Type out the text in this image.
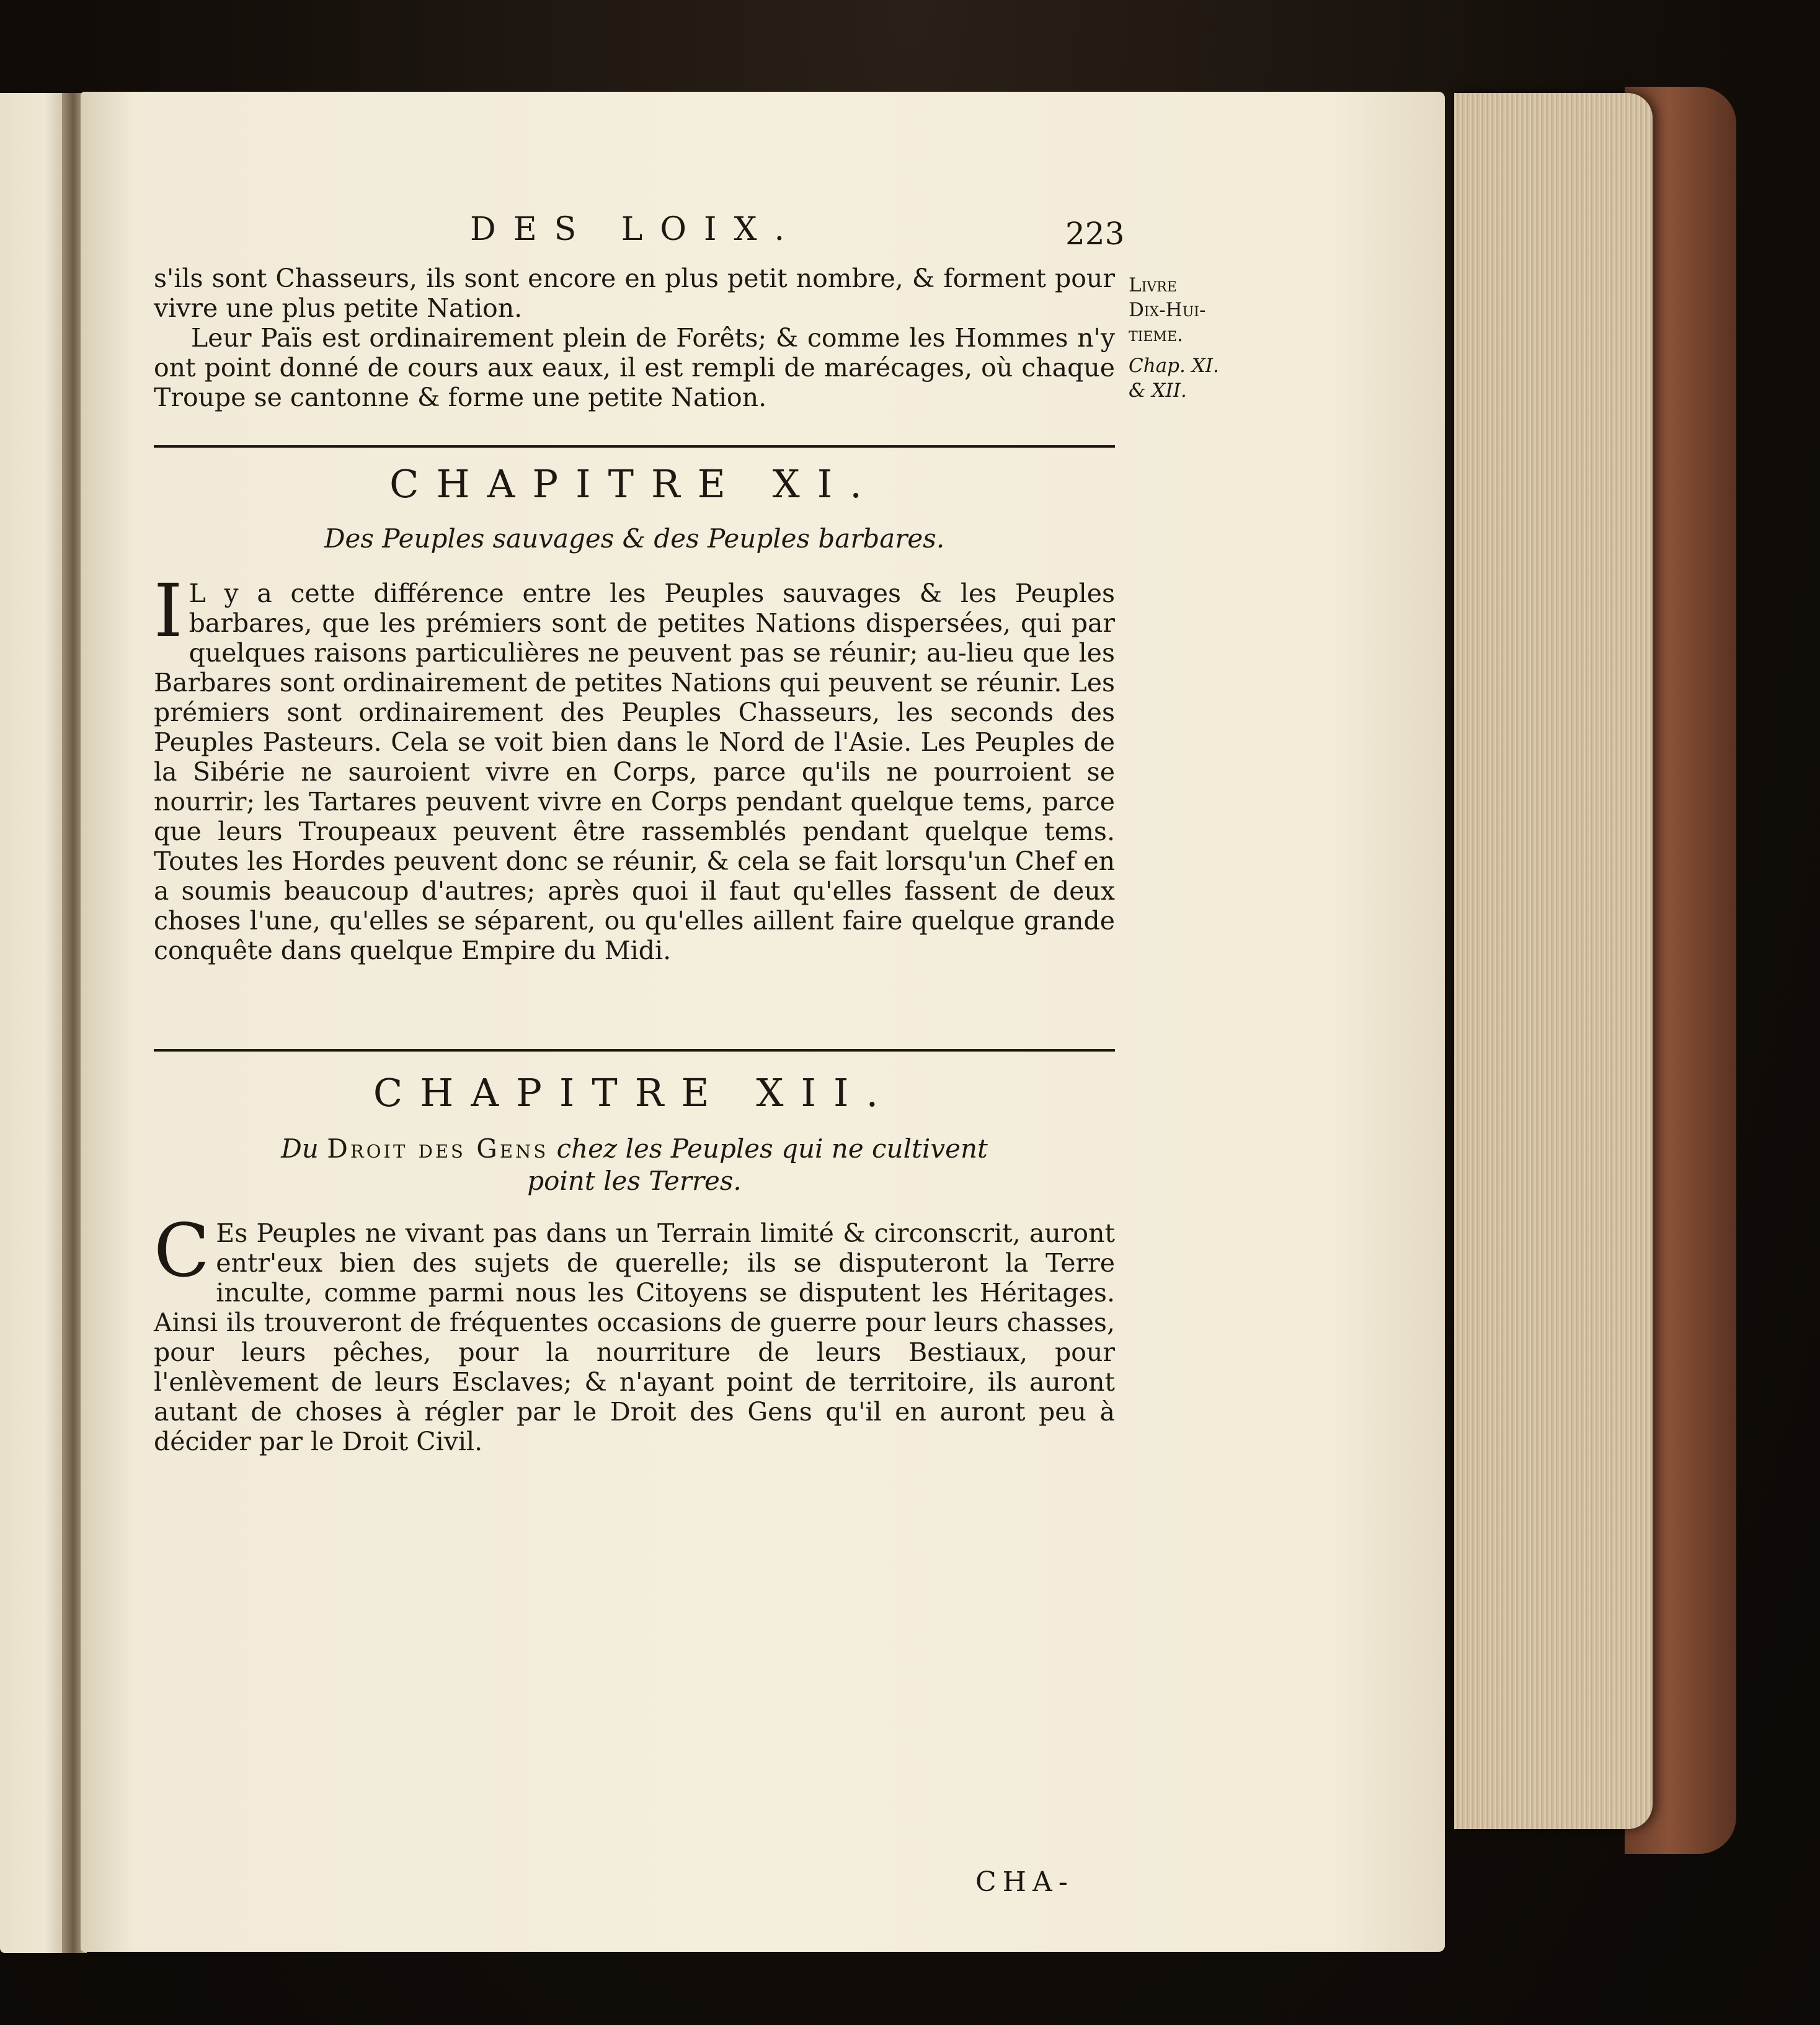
DES LOIX.	223

s'ils sont Chasseurs, ils sont encore en plus petit nombre, & forment pour vivre une plus petite Nation.

Leur Païs est ordinairement plein de Forêts; & comme les Hommes n'y ont point donné de cours aux eaux, il est rempli de marécages, où chaque Troupe se cantonne & forme une petite Nation.

CHAPITRE XI.

Des Peuples sauvages & des Peuples barbares.

I L y a cette différence entre les Peuples sauvages & les Peuples barbares, que les prémiers sont de petites Nations dispersées, qui par quelques raisons particulières ne peuvent pas se réunir; au-lieu que les Barbares sont ordinairement de petites Nations qui peuvent se réunir. Les prémiers sont ordinairement des Peuples Chasseurs, les seconds des Peuples Pasteurs. Cela se voit bien dans le Nord de l'Asie. Les Peuples de la Sibérie ne sauroient vivre en Corps, parce qu'ils ne pourroient se nourrir; les Tartares peuvent vivre en Corps pendant quelque tems, parce que leurs Troupeaux peuvent être rassemblés pendant quelque tems. Toutes les Hordes peuvent donc se réunir, & cela se fait lorsqu'un Chef en a soumis beaucoup d'autres; après quoi il faut qu'elles fassent de deux choses l'une, qu'elles se séparent, ou qu'elles aillent faire quelque grande conquête dans quelque Empire du Midi.

CHAPITRE XII.

Du Droit des Gens chez les Peuples qui ne cultivent
point les Terres.

C Es Peuples ne vivant pas dans un Terrain limité & circonscrit, auront entr'eux bien des sujets de querelle; ils se disputeront la Terre inculte, comme parmi nous les Citoyens se disputent les Héritages. Ainsi ils trouveront de fréquentes occasions de guerre pour leurs chasses, pour leurs pêches, pour la nourriture de leurs Bestiaux, pour l'enlèvement de leurs Esclaves; & n'ayant point de territoire, ils auront autant de choses à régler par le Droit des Gens qu'il en auront peu à décider par le Droit Civil.

CHA-
Livre
Dix-Hui-
tieme.
Chap. XI.
& XII.
